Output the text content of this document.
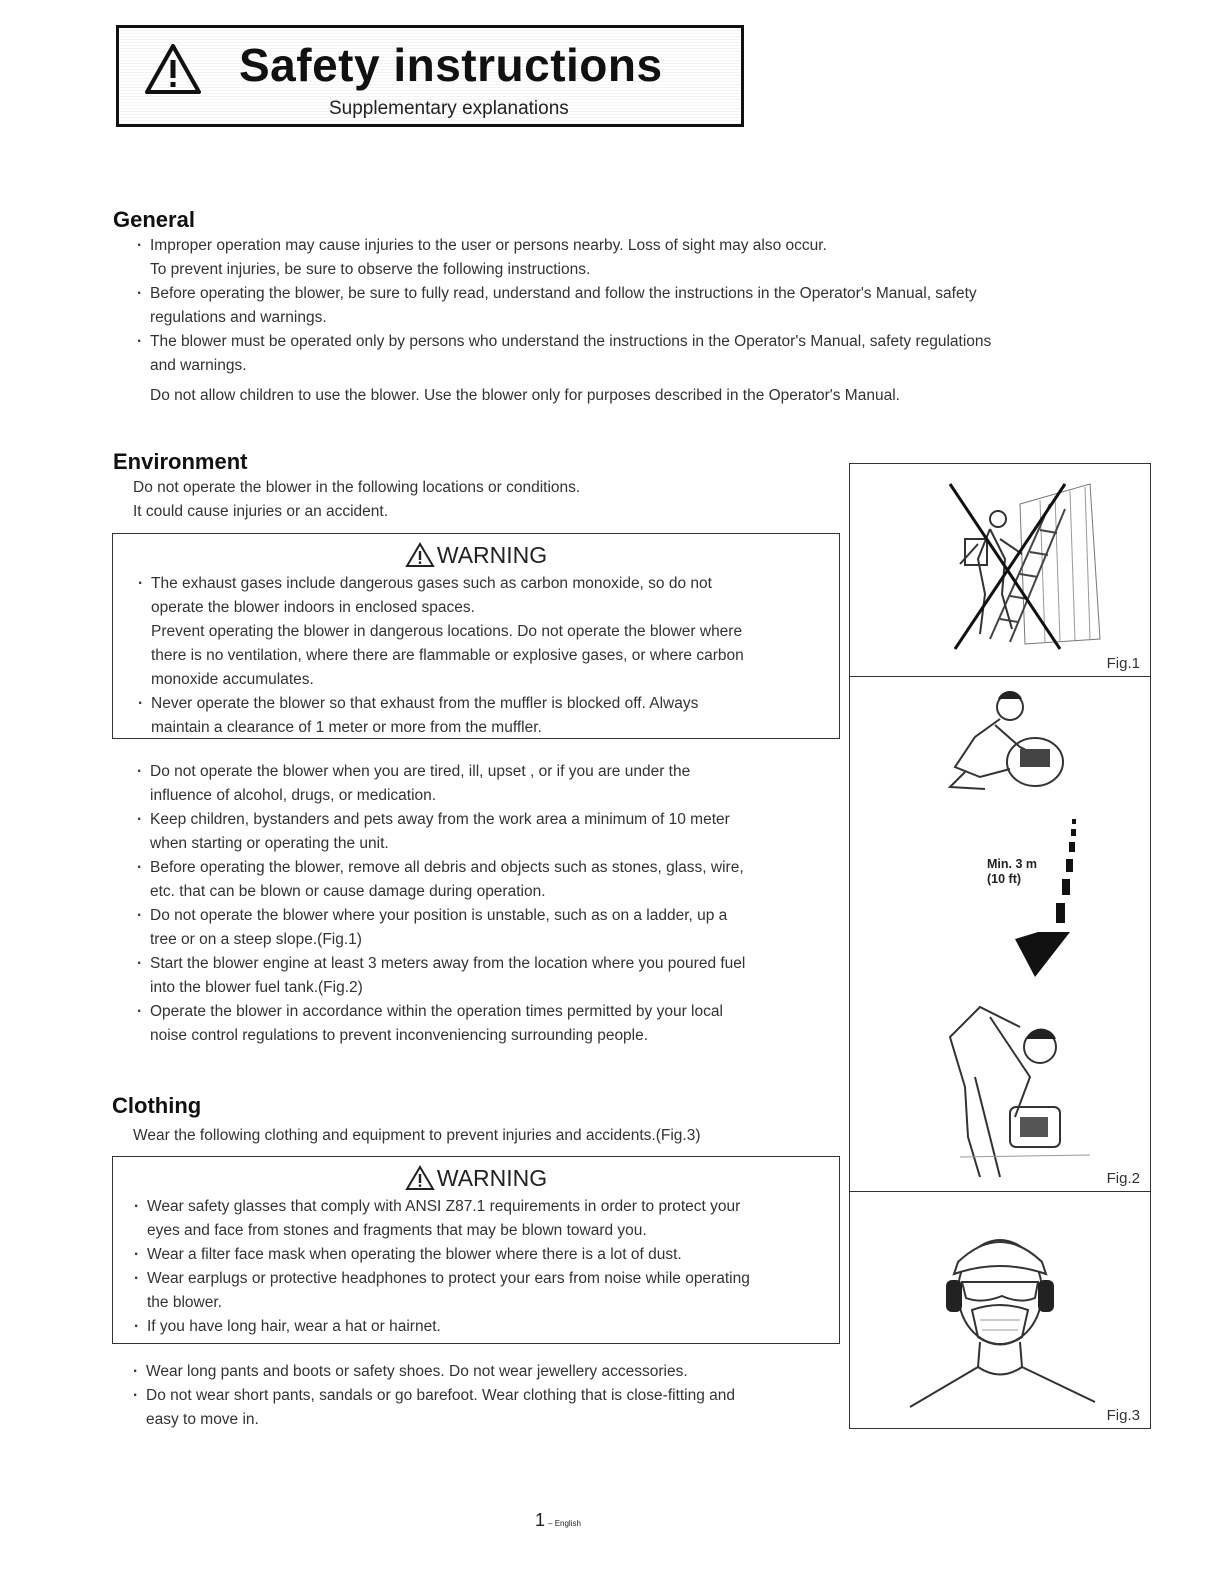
Safety instructions
Supplementary explanations
General
· Improper operation may cause injuries to the user or persons nearby. Loss of sight may also occur.
To prevent injuries, be sure to observe the following instructions.
· Before operating the blower, be sure to fully read, understand and follow the instructions in the Operator's Manual, safety
regulations and warnings.
· The blower must be operated only by persons who understand the instructions in the Operator's Manual, safety regulations
and warnings.
Do not allow children to use the blower. Use the blower only for purposes described in the Operator's Manual.
Environment
Do not operate the blower in the following locations or conditions.
It could cause injuries or an accident.
WARNING
· The exhaust gases include dangerous gases such as carbon monoxide, so do not
operate the blower indoors in enclosed spaces.
Prevent operating the blower in dangerous locations. Do not operate the blower where
there is no ventilation, where there are flammable or explosive gases, or where carbon
monoxide accumulates.
· Never operate the blower so that exhaust from the muffler is blocked off. Always
maintain a clearance of 1 meter or more from the muffler.
· Do not operate the blower when you are tired, ill, upset , or if you are under the
influence of alcohol, drugs, or medication.
· Keep children, bystanders and pets away from the work area a minimum of 10 meter
when starting or operating the unit.
· Before operating the blower, remove all debris and objects such as stones, glass, wire,
etc. that can be blown or cause damage during operation.
· Do not operate the blower where your position is unstable, such as on a ladder, up a
tree or on a steep slope.(Fig.1)
· Start the blower engine at least 3 meters away from the location where you poured fuel
into the blower fuel tank.(Fig.2)
· Operate the blower in accordance within the operation times permitted by your local
noise control regulations to prevent inconveniencing surrounding people.
Clothing
Wear the following clothing and equipment to prevent injuries and accidents.(Fig.3)
WARNING
· Wear safety glasses that comply with ANSI Z87.1 requirements in order to protect your
eyes and face from stones and fragments that may be blown toward you.
· Wear a filter face mask when operating the blower where there is a lot of dust.
· Wear earplugs or protective headphones to protect your ears from noise while operating
the blower.
· If you have long hair, wear a hat or hairnet.
· Wear long pants and boots or safety shoes. Do not wear jewellery accessories.
· Do not wear short pants, sandals or go barefoot. Wear clothing that is close-fitting and
easy to move in.
Fig.1
Min. 3 m
(10 ft)
Fig.2
Fig.3
1 – English
